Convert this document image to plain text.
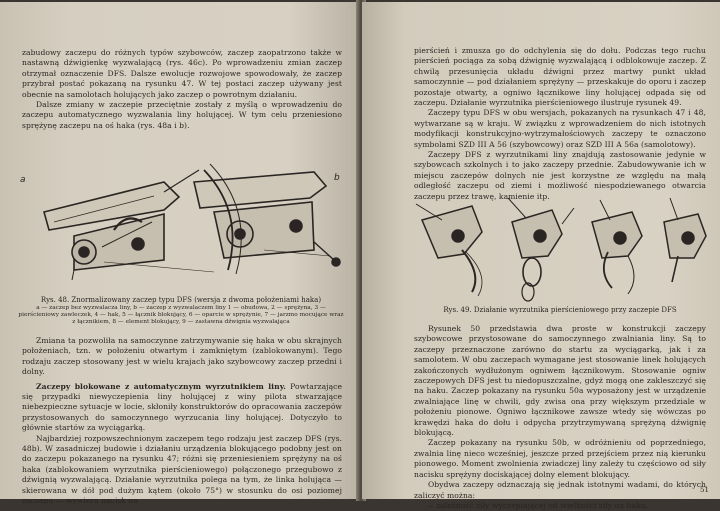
zabudowy zaczepu do różnych typów szybowców, zaczep zaopatrzono także w nastawną dźwigienkę wyzwalającą (rys. 46c). Po wprowadzeniu zmian zaczep otrzymał oznaczenie DFS. Dalsze ewolucje rozwojowe spowodowały, że zaczep przybrał postać pokazaną na rysunku 47. W tej postaci zaczep używany jest obecnie na samolotach holujących jako zaczep o powrotnym działaniu.

Dalsze zmiany w zaczepie przeciętnie zostały z myślą o wprowadzeniu do zaczepu automatycznego wyzwalania liny holującej. W tym celu przeniesiono sprężynę zaczepu na oś haka (rys. 48a i b).

a	b
Rys. 48. Znormalizowany zaczep typu DFS (wersja z dwoma położeniami haka)
a — zaczep bez wyzwalacza liny, b — zaczep z wyzwalaczem liny 1 — obudowa, 2 — sprężyna, 3 — pierścieniowy zawleczek, 4 — hak, 5 — łącznik blokujący, 6 — oparcie w sprężynie, 7 — jarzmo mocujące wraz z łącznikiem, 8 — element blokujący, 9 — zastawna dźwignia wyzwalająca

Zmiana ta pozwoliła na samoczynne zatrzymywanie się haka w obu skrajnych położeniach, tzn. w położeniu otwartym i zamkniętym (zablokowanym). Tego rodzaju zaczep stosowany jest w wielu krajach jako szybowcowy zaczep przedni i dolny.

Zaczepy blokowane z automatycznym wyrzutnikiem liny. Powtarzające się przypadki niewyczepienia liny holującej z winy pilota stwarzające niebezpieczne sytuacje w locie, skłoniły konstruktorów do opracowania zaczepów przystosowanych do samoczynnego wyrzucania liny holującej. Dotyczyło to głównie startów za wyciągarką.

Najbardziej rozpowszechnionym zaczepem tego rodzaju jest zaczep DFS (rys. 48b). W zasadniczej budowie i działaniu urządzenia blokującego podobny jest on do zaczepu pokazanego na rysunku 47; różni się przeniesieniem sprężyny na oś haka (zablokowaniem wyrzutnika pierścieniowego) połączonego przegubowo z dźwignią wyzwalającą. Działanie wyrzutnika polega na tym, że linka holująca — skierowana w dół pod dużym kątem (około 75°) w stosunku do osi poziomej zaczepu — wywiera nacisk na

pierścień i zmusza go do odchylenia się do dołu. Podczas tego ruchu pierścień pociąga za sobą dźwignię wyzwalającą i odblokowuje zaczep. Z chwilą przesunięcia układu dźwigni przez martwy punkt układ samoczynnie — pod działaniem sprężyny — przeskakuje do oporu i zaczep pozostaje otwarty, a ogniwo łącznikowe liny holującej odpada się od zaczepu. Działanie wyrzutnika pierścieniowego ilustruje rysunek 49.

Zaczepy typu DFS w obu wersjach, pokazanych na rysunkach 47 i 48, wytwarzane są w kraju. W związku z wprowadzeniem do nich istotnych modyfikacji konstrukcyjno-wytrzymałościowych zaczepy te oznaczono symbolami SZD III A 56 (szybowcowy) oraz SZD III A 56a (samolotowy).

Zaczepy DFS z wyrzutnikami liny znajdują zastosowanie jedynie w szybowcach szkolnych i to jako zaczepy przednie. Zabudowywanie ich w miejscu zaczepów dolnych nie jest korzystne ze względu na małą odległość zaczepu od ziemi i możliwość niespodziewanego otwarcia zaczepu przez trawę, kamienie itp.

Rys. 49. Działanie wyrzutnika pierścieniowego przy zaczepie DFS

Rysunek 50 przedstawia dwa proste w konstrukcji zaczepy szybowcowe przystosowane do samoczynnego zwalniania liny. Są to zaczepy przeznaczone zarówno do startu za wyciągarką, jak i za samolotem. W obu zaczepach wymagane jest stosowanie linek holujących zakończonych wydłużonym ogniwem łącznikowym. Stosowanie ogniw zaczepowych DFS jest tu niedopuszczalne, gdyż mogą one zakleszczyć się na haku. Zaczep pokazany na rysunku 50a wyposażony jest w urządzenie zwalniające linę w chwili, gdy zwisa ona przy większym przedziale w położeniu pionowe. Ogniwo łącznikowe zawsze wtedy się wówczas po krawędzi haka do dołu i odpycha przytrzymywaną sprężyną dźwignię blokującą.

Zaczep pokazany na rysunku 50b, w odróżnieniu od poprzedniego, zwalnia linę nieco wcześniej, jeszcze przed przejściem przez nią kierunku pionowego. Moment zwolnienia zwiadczej liny zależy tu częściowo od siły nacisku sprężyny dociskającej dolny element blokujący.

Obydwa zaczepy odznaczają się jednak istotnymi wadami, do których zaliczyć można:

— zależność siły wyczepiającej od wielkości siły na haku.

51
